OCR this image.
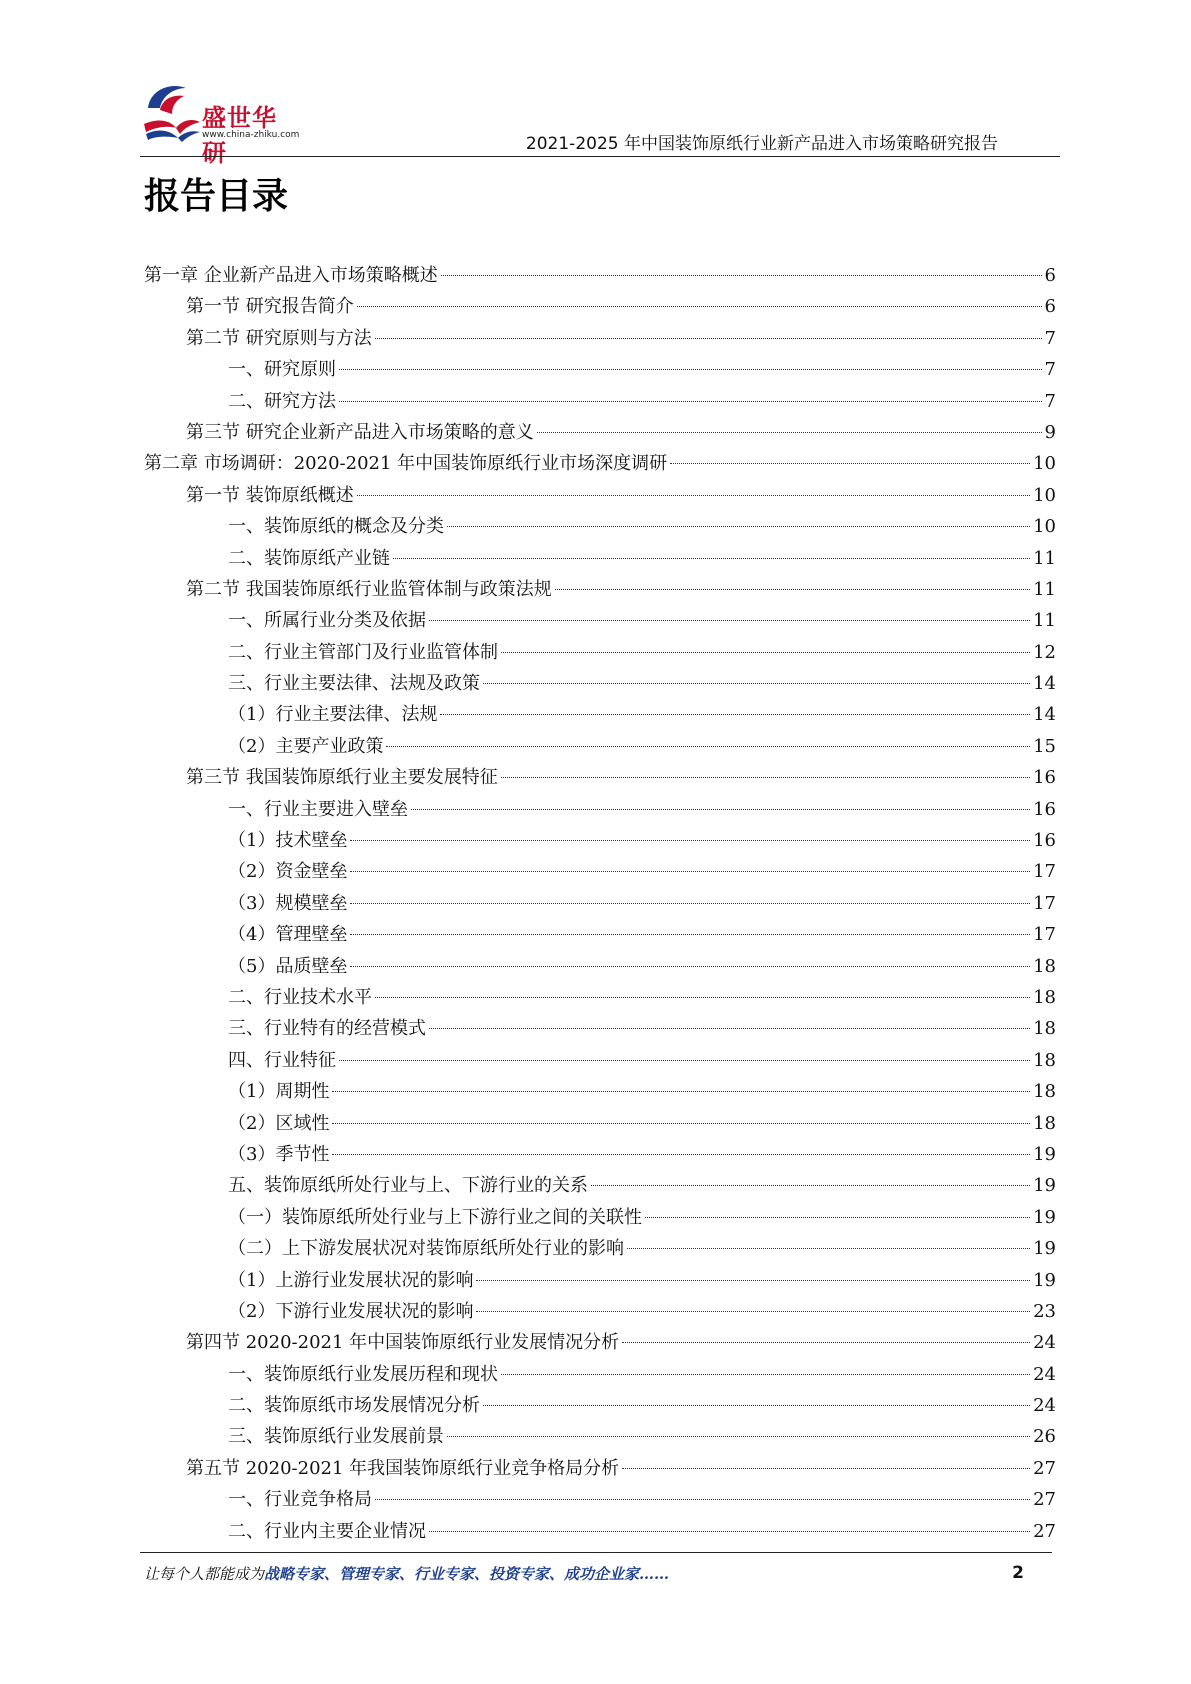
盛世华研
www.china-zhiku.com	2021-2025 年中国装饰原纸行业新产品进入市场策略研究报告
报告目录
第一章 企业新产品进入市场策略概述	6
第一节 研究报告简介	6
第二节 研究原则与方法	7
一、研究原则	7
二、研究方法	7
第三节 研究企业新产品进入市场策略的意义	9
第二章 市场调研：2020-2021 年中国装饰原纸行业市场深度调研	10
第一节 装饰原纸概述	10
一、装饰原纸的概念及分类	10
二、装饰原纸产业链	11
第二节 我国装饰原纸行业监管体制与政策法规	11
一、所属行业分类及依据	11
二、行业主管部门及行业监管体制	12
三、行业主要法律、法规及政策	14
（1）行业主要法律、法规	14
（2）主要产业政策	15
第三节 我国装饰原纸行业主要发展特征	16
一、行业主要进入壁垒	16
（1）技术壁垒	16
（2）资金壁垒	17
（3）规模壁垒	17
（4）管理壁垒	17
（5）品质壁垒	18
二、行业技术水平	18
三、行业特有的经营模式	18
四、行业特征	18
（1）周期性	18
（2）区域性	18
（3）季节性	19
五、装饰原纸所处行业与上、下游行业的关系	19
（一）装饰原纸所处行业与上下游行业之间的关联性	19
（二）上下游发展状况对装饰原纸所处行业的影响	19
（1）上游行业发展状况的影响	19
（2）下游行业发展状况的影响	23
第四节 2020-2021 年中国装饰原纸行业发展情况分析	24
一、装饰原纸行业发展历程和现状	24
二、装饰原纸市场发展情况分析	24
三、装饰原纸行业发展前景	26
第五节 2020-2021 年我国装饰原纸行业竞争格局分析	27
一、行业竞争格局	27
二、行业内主要企业情况	27
让每个人都能成为战略专家、管理专家、行业专家、投资专家、成功企业家……	2
